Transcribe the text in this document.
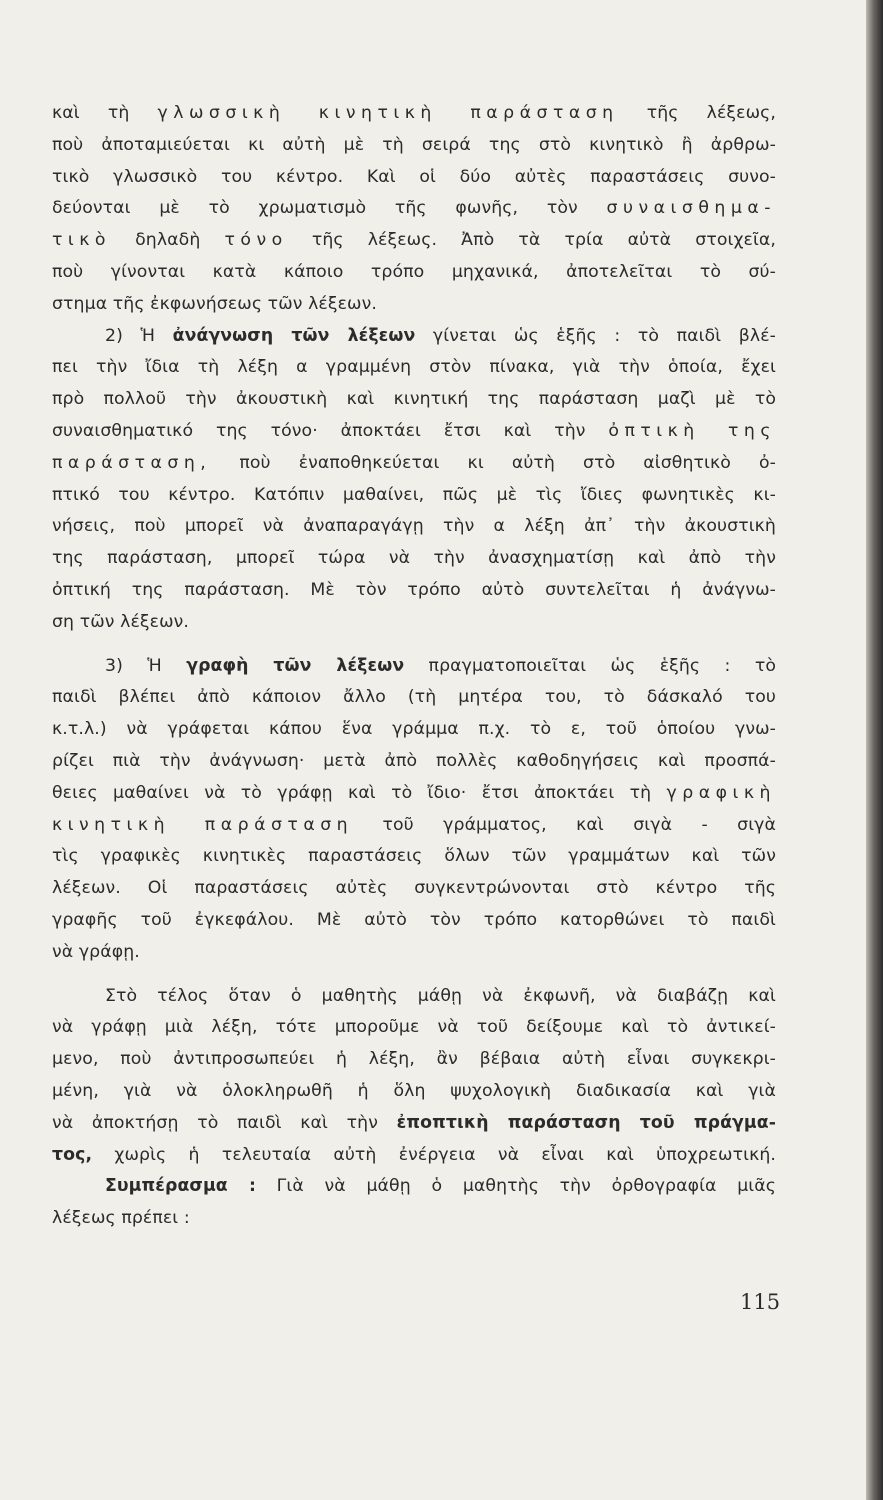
καὶ τὴ γλωσσικὴ κινητικὴ παράσταση τῆς λέξεως,

ποὺ ἀποταμιεύεται κι αὐτὴ μὲ τὴ σειρά της στὸ κινητικὸ ἢ ἀρθρω-

τικὸ γλωσσικὸ του κέντρο. Καὶ οἱ δύο αὐτὲς παραστάσεις συνο-

δεύονται μὲ τὸ χρωματισμὸ τῆς φωνῆς, τὸν συναισθημα-

τικὸ δηλαδὴ τόνο τῆς λέξεως. Ἀπὸ τὰ τρία αὐτὰ στοιχεῖα,

ποὺ γίνονται κατὰ κάποιο τρόπο μηχανικά, ἀποτελεῖται τὸ σύ-

στημα τῆς ἐκφωνήσεως τῶν λέξεων.

2) Ἡ ἀνάγνωση τῶν λέξεων γίνεται ὡς ἑξῆς : τὸ παιδὶ βλέ-

πει τὴν ἴδια τὴ λέξη α γραμμένη στὸν πίνακα, γιὰ τὴν ὁποία, ἔχει

πρὸ πολλοῦ τὴν ἀκουστικὴ καὶ κινητική της παράσταση μαζὶ μὲ τὸ

συναισθηματικό της τόνο· ἀποκτάει ἔτσι καὶ τὴν ὀπτικὴ της

παράσταση, ποὺ ἐναποθηκεύεται κι αὐτὴ στὸ αἰσθητικὸ ὀ-

πτικό του κέντρο. Κατόπιν μαθαίνει, πῶς μὲ τὶς ἴδιες φωνητικὲς κι-

νήσεις, ποὺ μπορεῖ νὰ ἀναπαραγάγῃ τὴν α λέξη ἀπ᾽ τὴν ἀκουστικὴ

της παράσταση, μπορεῖ τώρα νὰ τὴν ἀνασχηματίσῃ καὶ ἀπὸ τὴν

ὀπτική της παράσταση. Μὲ τὸν τρόπο αὐτὸ συντελεῖται ἡ ἀνάγνω-

ση τῶν λέξεων.

3) Ἡ γραφὴ τῶν λέξεων πραγματοποιεῖται ὡς ἑξῆς : τὸ

παιδὶ βλέπει ἀπὸ κάποιον ἄλλο (τὴ μητέρα του, τὸ δάσκαλό του

κ.τ.λ.) νὰ γράφεται κάπου ἕνα γράμμα π.χ. τὸ ε, τοῦ ὁποίου γνω-

ρίζει πιὰ τὴν ἀνάγνωση· μετὰ ἀπὸ πολλὲς καθοδηγήσεις καὶ προσπά-

θειες μαθαίνει νὰ τὸ γράφῃ καὶ τὸ ἴδιο· ἔτσι ἀποκτάει τὴ γραφικὴ

κινητικὴ παράσταση τοῦ γράμματος, καὶ σιγὰ - σιγὰ

τὶς γραφικὲς κινητικὲς παραστάσεις ὅλων τῶν γραμμάτων καὶ τῶν

λέξεων. Οἱ παραστάσεις αὐτὲς συγκεντρώνονται στὸ κέντρο τῆς

γραφῆς τοῦ ἐγκεφάλου. Μὲ αὐτὸ τὸν τρόπο κατορθώνει τὸ παιδὶ

νὰ γράφῃ.

Στὸ τέλος ὅταν ὁ μαθητὴς μάθῃ νὰ ἐκφωνῆ, νὰ διαβάζῃ καὶ

νὰ γράφῃ μιὰ λέξη, τότε μποροῦμε νὰ τοῦ δείξουμε καὶ τὸ ἀντικεί-

μενο, ποὺ ἀντιπροσωπεύει ἡ λέξη, ἂν βέβαια αὐτὴ εἶναι συγκεκρι-

μένη, γιὰ νὰ ὁλοκληρωθῆ ἡ ὅλη ψυχολογικὴ διαδικασία καὶ γιὰ

νὰ ἀποκτήσῃ τὸ παιδὶ καὶ τὴν ἐποπτικὴ παράσταση τοῦ πράγμα-

τος, χωρὶς ἡ τελευταία αὐτὴ ἐνέργεια νὰ εἶναι καὶ ὑποχρεωτική.

Συμπέρασμα : Γιὰ νὰ μάθῃ ὁ μαθητὴς τὴν ὀρθογραφία μιᾶς

λέξεως πρέπει :

115
